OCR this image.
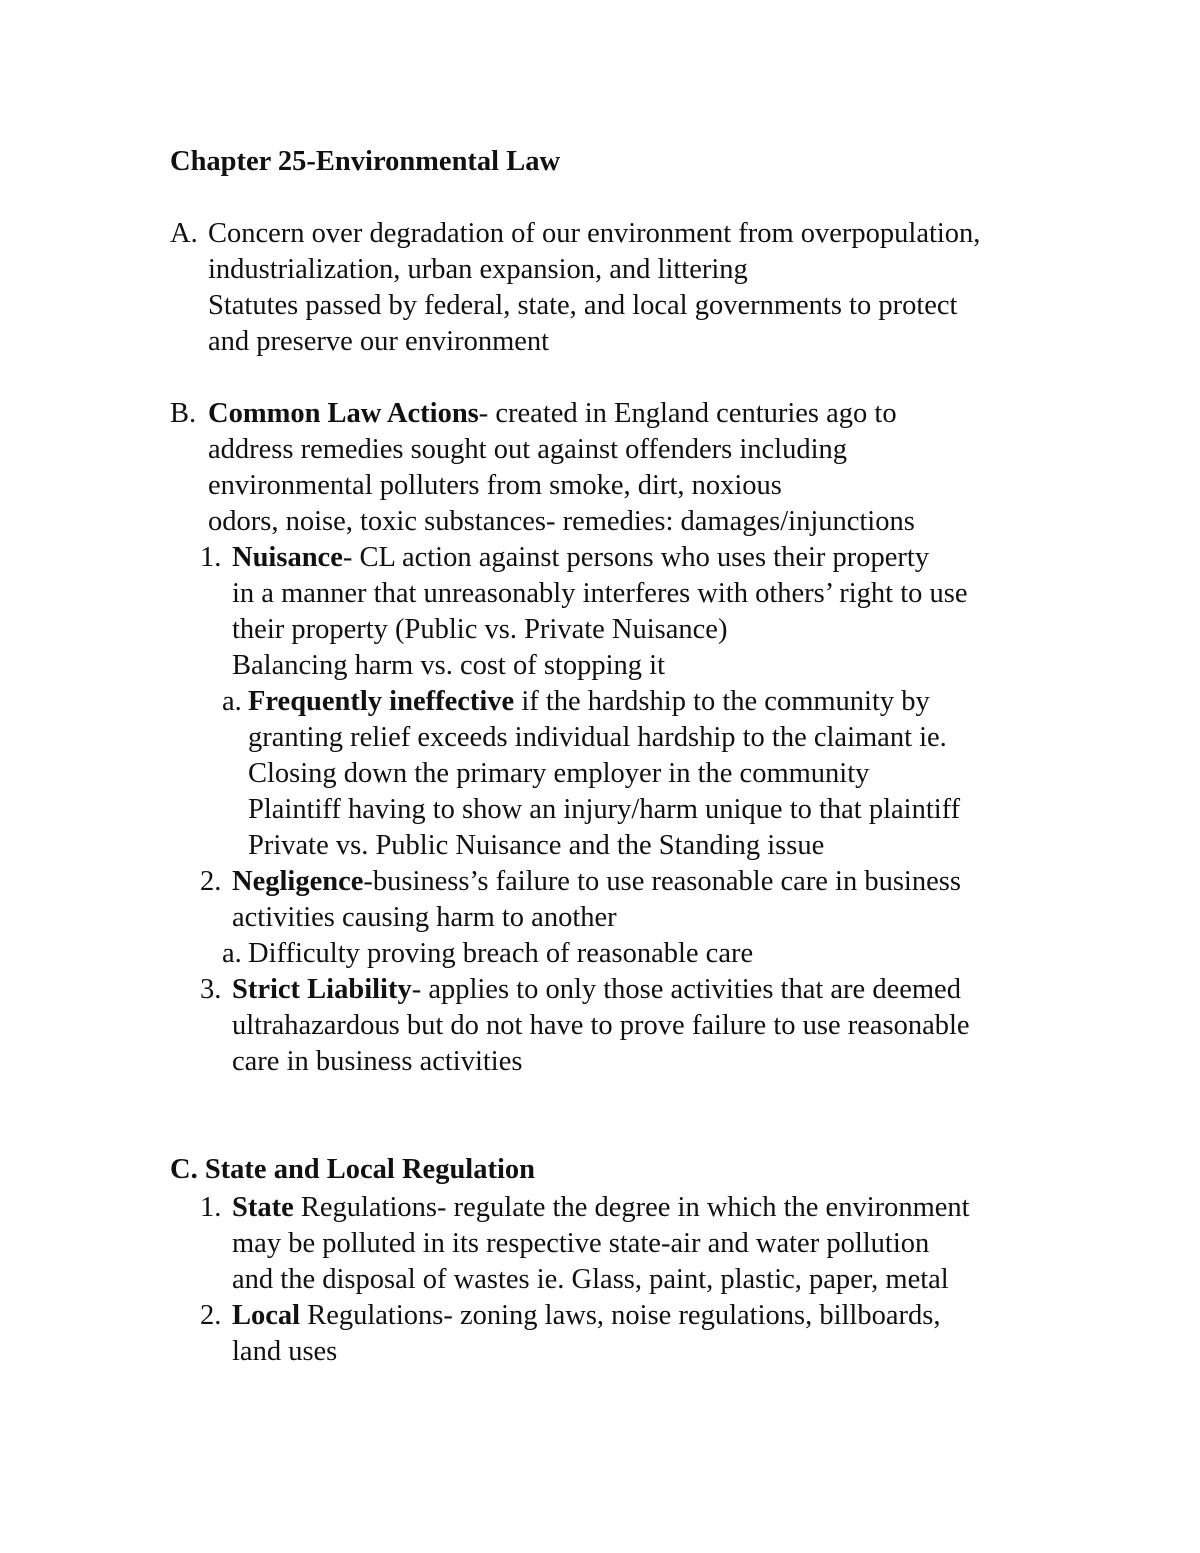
Chapter 25-Environmental Law
A. Concern over degradation of our environment from overpopulation,
industrialization, urban expansion, and littering
Statutes passed by federal, state, and local governments to protect
and preserve our environment
B. Common Law Actions- created in England centuries ago to
address remedies sought out against offenders including
environmental polluters from smoke, dirt, noxious
odors, noise, toxic substances- remedies: damages/injunctions
1. Nuisance- CL action against persons who uses their property
in a manner that unreasonably interferes with others’ right to use
their property (Public vs. Private Nuisance)
Balancing harm vs. cost of stopping it
a. Frequently ineffective if the hardship to the community by
granting relief exceeds individual hardship to the claimant ie.
Closing down the primary employer in the community
Plaintiff having to show an injury/harm unique to that plaintiff
Private vs. Public Nuisance and the Standing issue
2. Negligence-business’s failure to use reasonable care in business
activities causing harm to another
a. Difficulty proving breach of reasonable care
3. Strict Liability- applies to only those activities that are deemed
ultrahazardous but do not have to prove failure to use reasonable
care in business activities
C. State and Local Regulation
1. State Regulations- regulate the degree in which the environment
may be polluted in its respective state-air and water pollution
and the disposal of wastes ie. Glass, paint, plastic, paper, metal
2. Local Regulations- zoning laws, noise regulations, billboards,
land uses
